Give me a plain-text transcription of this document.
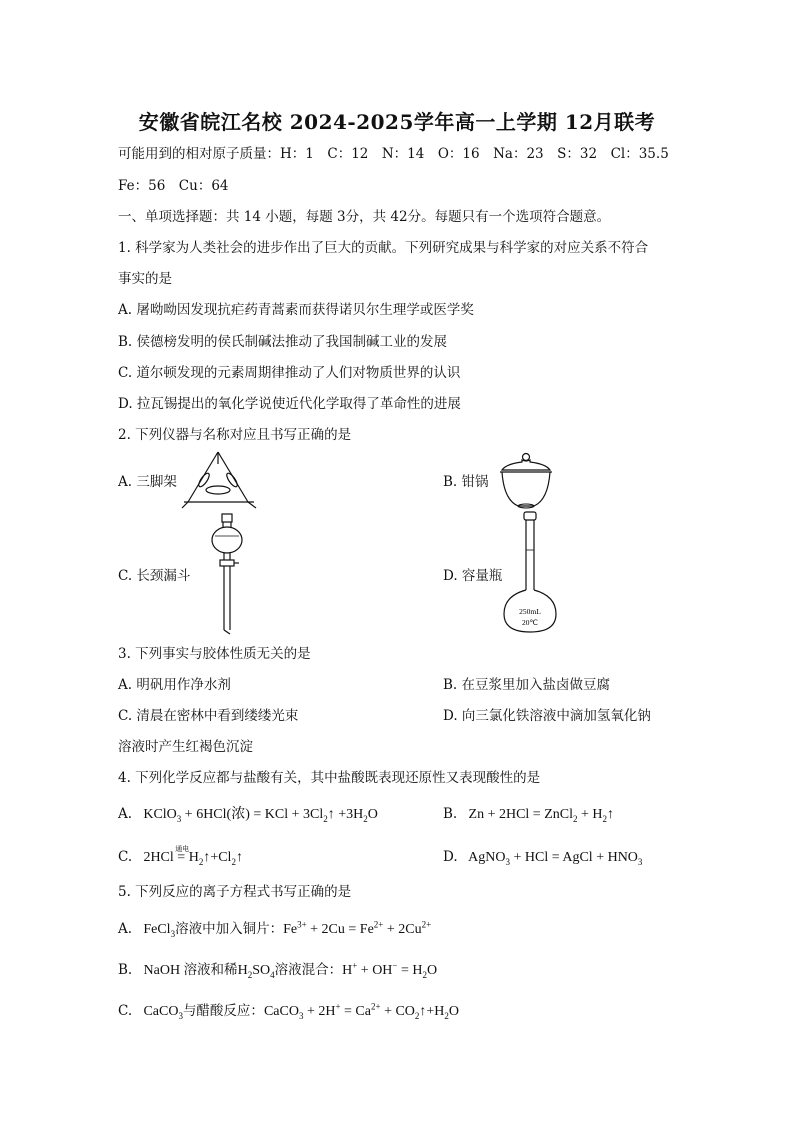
安徽省皖江名校 2024-2025学年高一上学期 12月联考
可能用到的相对原子质量：H：1　C：12　N：14　O：16　Na：23　S：32　Cl：35.5
Fe：56　Cu：64
一、单项选择题：共 14 小题，每题 3分，共 42分。每题只有一个选项符合题意。
1. 科学家为人类社会的进步作出了巨大的贡献。下列研究成果与科学家的对应关系不符合
事实的是
A. 屠呦呦因发现抗疟药青蒿素而获得诺贝尔生理学或医学奖
B. 侯德榜发明的侯氏制碱法推动了我国制碱工业的发展
C. 道尔顿发现的元素周期律推动了人们对物质世界的认识
D. 拉瓦锡提出的氧化学说使近代化学取得了革命性的进展
2. 下列仪器与名称对应且书写正确的是
A. 三脚架	B. 钳锅
C. 长颈漏斗	D. 容量瓶
250mL
20℃
3. 下列事实与胶体性质无关的是
A. 明矾用作净水剂	B. 在豆浆里加入盐卤做豆腐
C. 清晨在密林中看到缕缕光束	D. 向三氯化铁溶液中滴加氢氧化钠
溶液时产生红褐色沉淀
4. 下列化学反应都与盐酸有关，其中盐酸既表现还原性又表现酸性的是
A.   KClO$_3$ + 6HCl(浓) = KCl + $3Cl_2↑ +3H_2O$	B.   Zn + 2HCl = ZnCl$_2$ + $H_2↑$
C.   2HCl =
通电
$H_2↑+Cl_2↑$	D.   AgNO$_3$ + HCl = AgCl + $HNO_3$
5. 下列反应的离子方程式书写正确的是
A.   FeCl$_3$溶液中加入铜片：$Fe^{3+} + 2Cu = Fe^{2+} + 2Cu^{2+}$
B.   NaOH 溶液和稀$H_2SO_4$溶液混合：$H^+ + OH^- = H_2O$
C.   CaCO$_3$与醋酸反应：CaCO$_3$ + $2H^+ = Ca^{2+}$ + $CO_2↑+H_2O$
